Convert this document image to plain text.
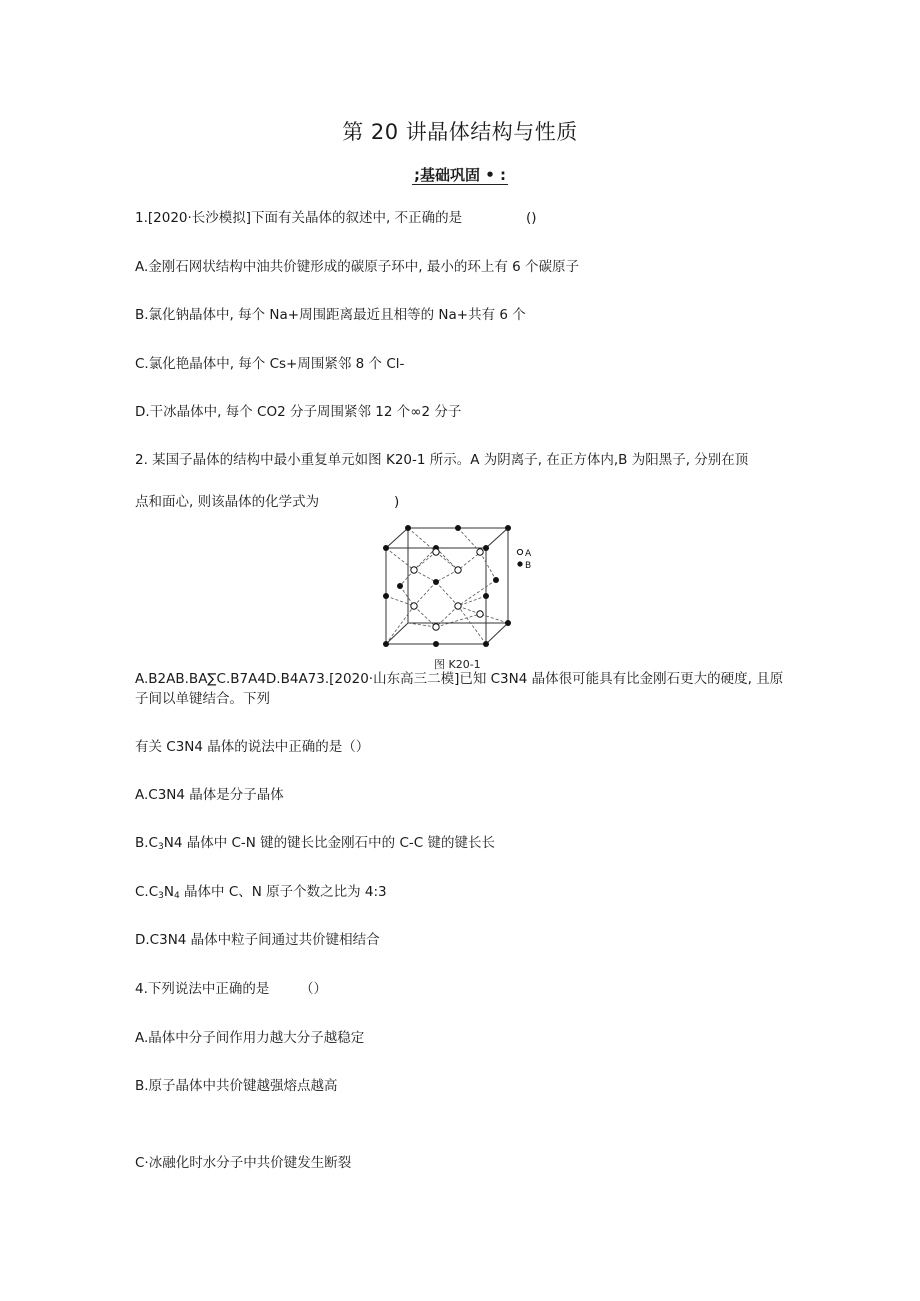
第 20 讲晶体结构与性质
;基础巩固 • :
1.[2020·长沙模拟]下面有关晶体的叙述中, 不正确的是	()
A.金刚石网状结构中油共价键形成的碳原子环中, 最小的环上有 6 个碳原子
B.氯化钠晶体中, 每个 Na+周围距离最近且相等的 Na+共有 6 个
C.氯化艳晶体中, 每个 Cs+周围紧邻 8 个 Cl-
D.干冰晶体中, 每个 CO2 分子周围紧邻 12 个∞2 分子
2. 某国子晶体的结构中最小重复单元如图 K20-1 所示。A 为阴离子, 在正方体内,B 为阳黑子, 分别在顶
点和面心, 则该晶体的化学式为	)
A
B
图 K20-1
A.B2AB.BA∑C.B7A4D.B4A73.[2020·山东高三二模]已知 C3N4 晶体很可能具有比金刚石更大的硬度, 且原
子间以单键结合。下列
有关 C3N4 晶体的说法中正确的是（）
A.C3N4 晶体是分子晶体
$B.C_3N4$ 晶体中 C-N 键的键长比金刚石中的 C-C 键的键长长
$C.C_3N_4$ 晶体中 C、N 原子个数之比为 4:3
D.C3N4 晶体中粒子间通过共价键相结合
4.下列说法中正确的是 （）
A.晶体中分子间作用力越大分子越稳定
B.原子晶体中共价键越强熔点越高
C·冰融化时水分子中共价键发生断裂
